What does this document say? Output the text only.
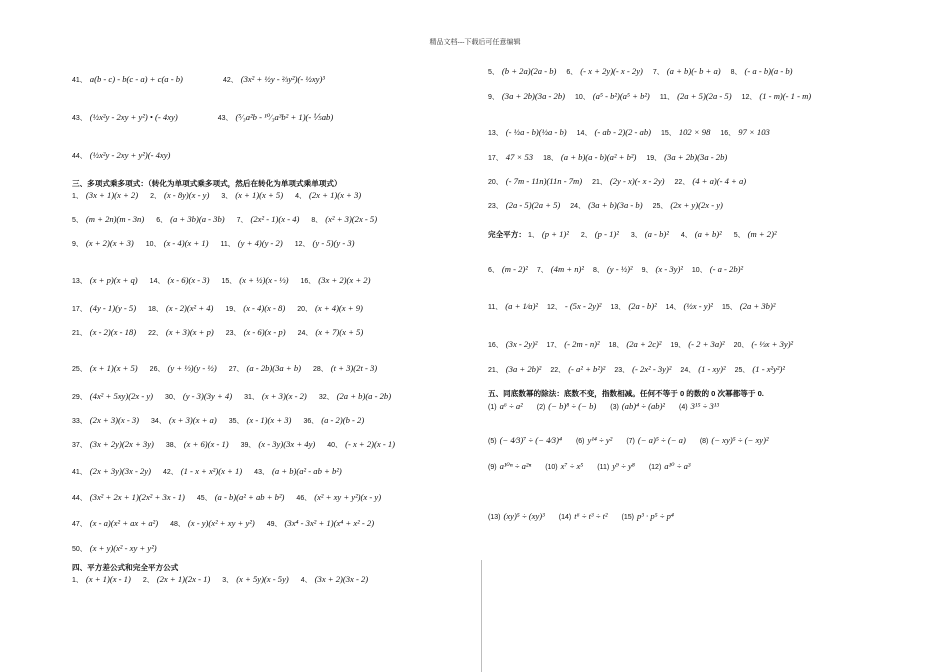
精品文档---下载后可任意编辑
41、 a(b - c) - b(c - a) + c(a - b)	42、 (3x² + ½y - ⅔y²)(- ½xy)³
43、 (½x²y - 2xy + y²) • (- 4xy)	43、 (⁵⁄₃a²b - ¹⁰⁄₃a³b² + 1)(- ⅕ab)
44、 (½x²y - 2xy + y²)(- 4xy)
三、多项式乘多项式：（转化为单项式乘多项式，然后在转化为单项式乘单项式）
1、 (3x + 1)(x + 2) 2、 (x - 8y)(x - y) 3、 (x + 1)(x + 5) 4、 (2x + 1)(x + 3)
5、 (m + 2n)(m - 3n) 6、 (a + 3b)(a - 3b) 7、 (2x² - 1)(x - 4) 8、 (x² + 3)(2x - 5)
9、 (x + 2)(x + 3) 10、 (x - 4)(x + 1) 11、 (y + 4)(y - 2) 12、 (y - 5)(y - 3)
13、 (x + p)(x + q) 14、 (x - 6)(x - 3) 15、 (x + ½)(x - ⅓) 16、 (3x + 2)(x + 2)
17、 (4y - 1)(y - 5) 18、 (x - 2)(x² + 4) 19、 (x - 4)(x - 8) 20、 (x + 4)(x + 9)
21、 (x - 2)(x - 18) 22、 (x + 3)(x + p) 23、 (x - 6)(x - p) 24、 (x + 7)(x + 5)
25、 (x + 1)(x + 5) 26、 (y + ⅓)(y - ½) 27、 (a - 2b)(3a + b) 28、 (t + 3)(2t - 3)
29、 (4x² + 5xy)(2x - y) 30、 (y - 3)(3y + 4) 31、 (x + 3)(x - 2) 32、 (2a + b)(a - 2b)
33、 (2x + 3)(x - 3) 34、 (x + 3)(x + a) 35、 (x - 1)(x + 3) 36、 (a - 2)(b - 2)
37、 (3x + 2y)(2x + 3y) 38、 (x + 6)(x - 1) 39、 (x - 3y)(3x + 4y) 40、 (- x + 2)(x - 1)
41、 (2x + 3y)(3x - 2y) 42、 (1 - x + x²)(x + 1) 43、 (a + b)(a² - ab + b²)
44、 (3x² + 2x + 1)(2x² + 3x - 1) 45、 (a - b)(a² + ab + b²) 46、 (x² + xy + y²)(x - y)
47、 (x - a)(x² + ax + a²) 48、 (x - y)(x² + xy + y²) 49、 (3x⁴ - 3x² + 1)(x⁴ + x² - 2)
50、 (x + y)(x² - xy + y²)
四、平方差公式和完全平方公式
1、 (x + 1)(x - 1) 2、 (2x + 1)(2x - 1) 3、 (x + 5y)(x - 5y) 4、 (3x + 2)(3x - 2)
5、 (b + 2a)(2a - b) 6、 (- x + 2y)(- x - 2y) 7、 (a + b)(- b + a) 8、 (- a - b)(a - b)
9、 (3a + 2b)(3a - 2b) 10、 (a⁵ - b²)(a⁵ + b²) 11、 (2a + 5)(2a - 5) 12、 (1 - m)(- 1 - m)
13、 (- ½a - b)(½a - b) 14、 (- ab - 2)(2 - ab) 15、 102 × 98 16、 97 × 103
17、 47 × 53 18、 (a + b)(a - b)(a² + b²) 19、 (3a + 2b)(3a - 2b)
20、 (- 7m - 11n)(11n - 7m) 21、 (2y - x)(- x - 2y) 22、 (4 + a)(- 4 + a)
23、 (2a - 5)(2a + 5) 24、 (3a + b)(3a - b) 25、 (2x + y)(2x - y)
完全平方： 1、 (p + 1)² 2、 (p - 1)² 3、 (a - b)² 4、 (a + b)² 5、 (m + 2)²
6、 (m - 2)² 7、 (4m + n)² 8、 (y - ½)² 9、 (x - 3y)² 10、 (- a - 2b)²
11、 (a + 1⁄a)² 12、 - (5x - 2y)² 13、 (2a - b)² 14、 (½x - y)² 15、 (2a + 3b)²
16、 (3x - 2y)² 17、 (- 2m - n)² 18、 (2a + 2c)² 19、 (- 2 + 3a)² 20、 (- ⅓x + 3y)²
21、 (3a + 2b)² 22、 (- a² + b²)² 23、 (- 2x² - 3y)² 24、 (1 - xy)² 25、 (1 - x²y²)²
五、同底数幂的除法：底数不变，指数相减。任何不等于 0 的数的 0 次幂都等于 0.
(1) a⁶ ÷ a² (2) (− b)⁸ ÷ (− b) (3) (ab)⁴ ÷ (ab)² (4) 3¹⁵ ÷ 3¹³
(5) (− 4⁄3)⁷ ÷ (− 4⁄3)⁴ (6) y¹⁴ ÷ y² (7) (− a)⁵ ÷ (− a) (8) (− xy)⁵ ÷ (− xy)²
(9) a¹⁰ⁿ ÷ a²ⁿ (10) x⁷ ÷ x⁵ (11) y⁹ ÷ y⁸ (12) a¹⁰ ÷ a³
(13) (xy)⁵ ÷ (xy)³ (14) t⁶ ÷ t³ ÷ t² (15) p³ · p⁵ ÷ p⁴
